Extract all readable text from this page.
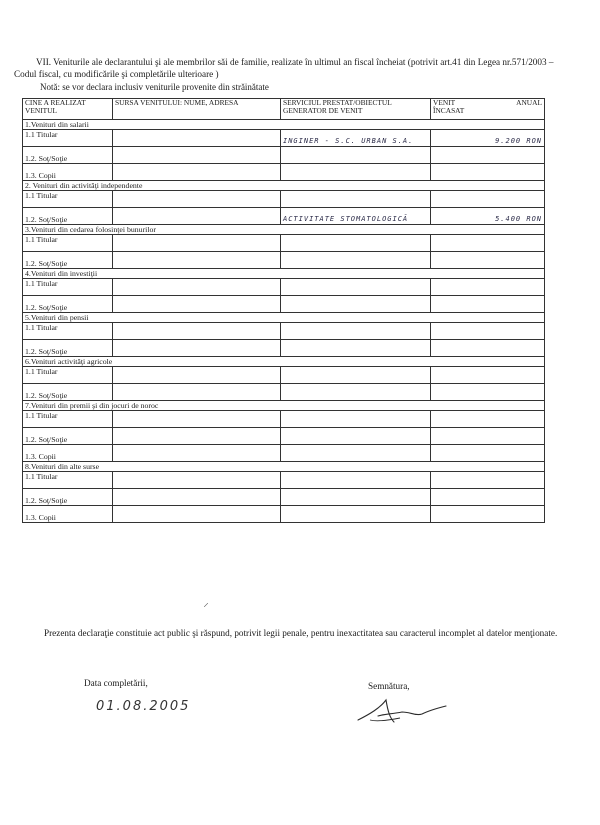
VII. Veniturile ale declarantului şi ale membrilor săi de familie, realizate în ultimul an fiscal încheiat (potrivit art.41 din Legea nr.571/2003 – Codul fiscal, cu modificările şi completările ulterioare )

Notă: se vor declara inclusiv veniturile provenite din străinătate
CINE A REALIZAT VENITUL	SURSA VENITULUI: NUME, ADRESA	SERVICIUL PRESTAT/OBIECTUL GENERATOR DE VENIT	VENIT ANUAL

ÎNCASAT
1.Venituri din salarii			
1.1 Titular		INGINER - S.C. URBAN S.A.	9.200 RON
1.2. Soţ/Soţie			
1.3. Copii			
2. Venituri din activităţi independente			
1.1 Titular			
1.2. Soţ/Soţie		ACTIVITATE STOMATOLOGICĂ	5.400 RON
3.Venituri din cedarea folosinţei bunurilor			
1.1 Titular			
1.2. Soţ/Soţie			
4.Venituri din investiţii			
1.1 Titular			
1.2. Soţ/Soţie			
5.Venituri din pensii			
1.1 Titular			
1.2. Soţ/Soţie			
6.Venituri activităţi agricole			
1.1 Titular			
1.2. Soţ/Soţie			
7.Venituri din premii şi din jocuri de noroc			
1.1 Titular			
1.2. Soţ/Soţie			
1.3. Copii			
8.Venituri din alte surse			
1.1 Titular			
1.2. Soţ/Soţie			
1.3. Copii			

Prezenta declaraţie constituie act public şi răspund, potrivit legii penale, pentru inexactitatea sau caracterul incomplet al datelor menţionate.

Data completării,
01.08.2005
Semnătura,
